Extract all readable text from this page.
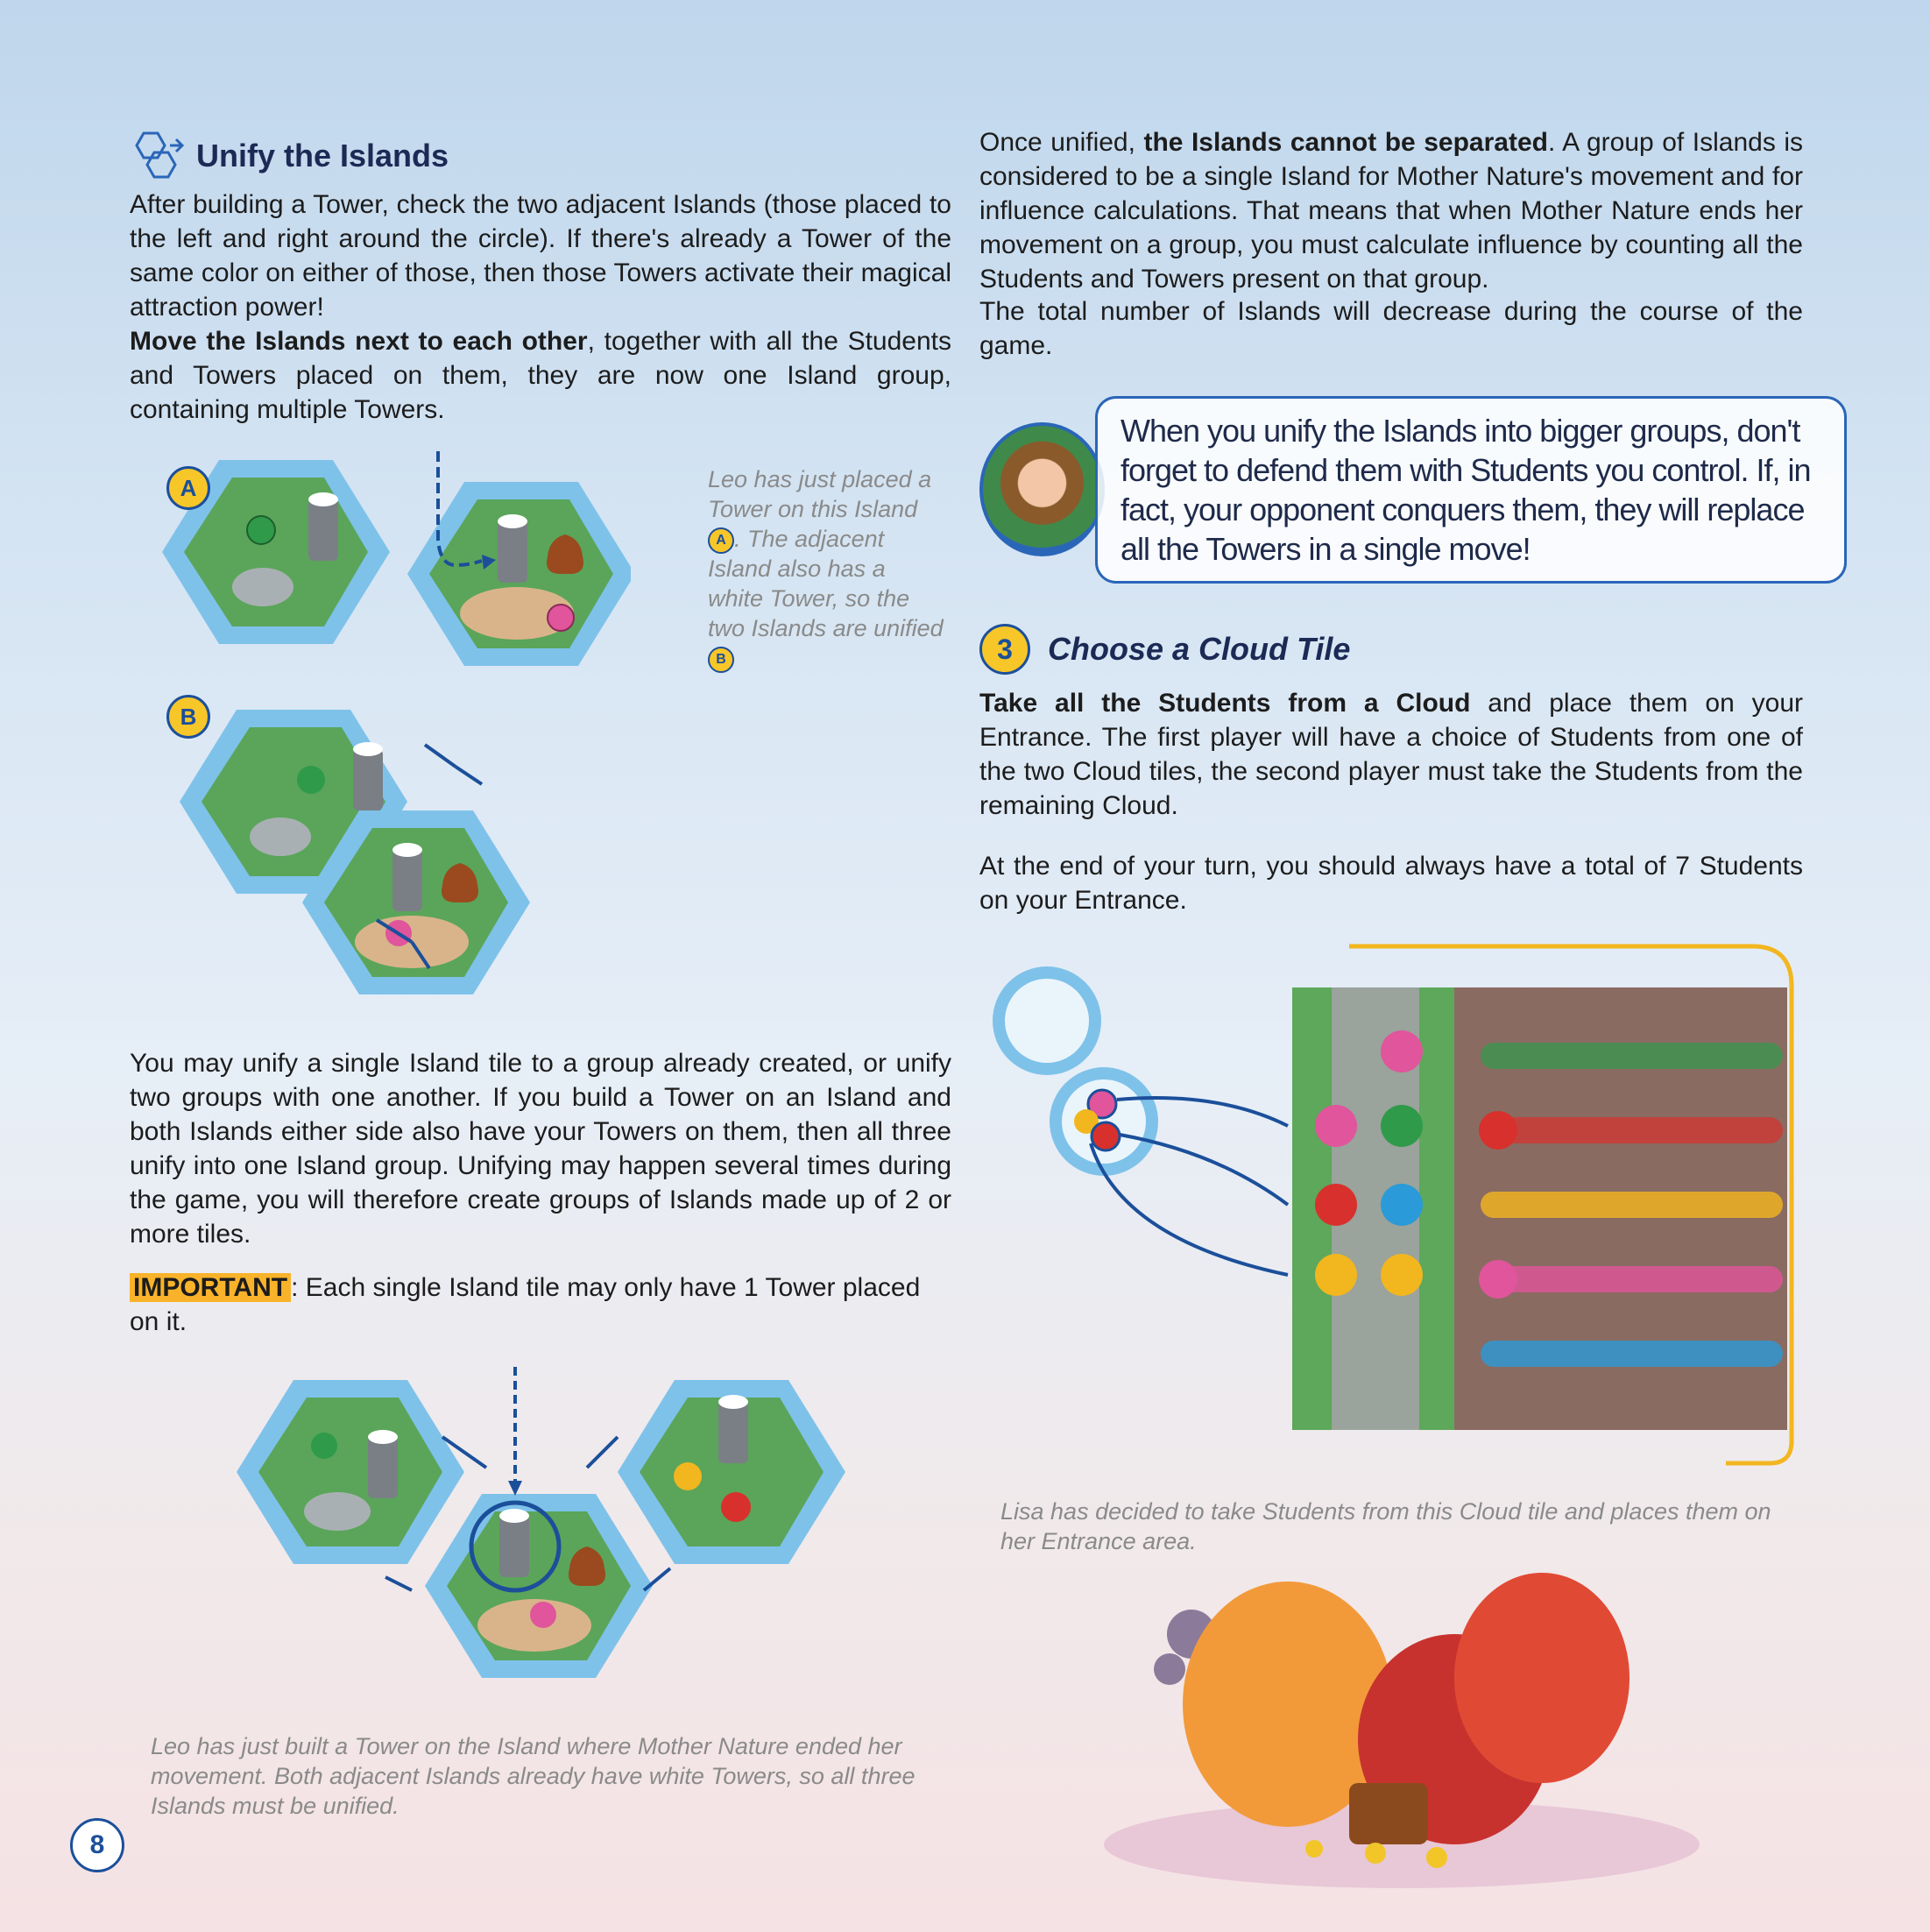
Unify the Islands

After building a Tower, check the two adjacent Islands (those placed to the left and right around the circle). If there's already a Tower of the same color on either of those, then those Towers activate their magical attraction power!

Move the Islands next to each other, together with all the Students and Towers placed on them, they are now one Island group, containing multiple Towers.

A
B
Leo has just placed a Tower on this Island A . The adjacent Island also has a white Tower, so the two Islands are unified B

You may unify a single Island tile to a group already created, or unify two groups with one another. If you build a Tower on an Island and both Islands either side also have your Towers on them, then all three unify into one Island group. Unifying may happen several times during the game, you will therefore create groups of Islands made up of 2 or more tiles.

IMPORTANT : Each single Island tile may only have 1 Tower placed on it.

Leo has just built a Tower on the Island where Mother Nature ended her movement. Both adjacent Islands already have white Towers, so all three Islands must be unified.
8

Once unified, the Islands cannot be separated. A group of Islands is considered to be a single Island for Mother Nature's movement and for influence calculations. That means that when Mother Nature ends her movement on a group, you must calculate influence by counting all the Students and Towers present on that group.

The total number of Islands will decrease during the course of the game.

When you unify the Islands into bigger groups, don't forget to defend them with Students you control. If, in fact, your opponent conquers them, they will replace all the Towers in a single move!
3	Choose a Cloud Tile

Take all the Students from a Cloud and place them on your Entrance. The first player will have a choice of Students from one of the two Cloud tiles, the second player must take the Students from the remaining Cloud.

At the end of your turn, you should always have a total of 7 Students on your Entrance.

Lisa has decided to take Students from this Cloud tile and places them on her Entrance area.
